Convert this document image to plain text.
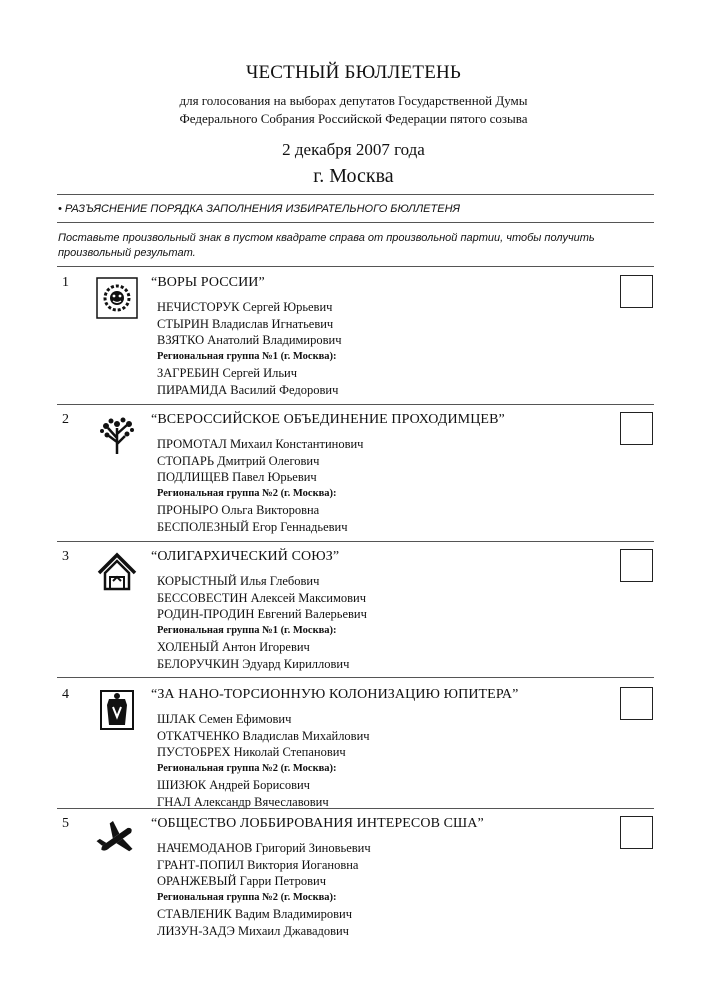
ЧЕСТНЫЙ БЮЛЛЕТЕНЬ
для голосования на выборах депутатов Государственной Думы
Федерального Собрания Российской Федерации пятого созыва
2 декабря 2007 года
г. Москва
• РАЗЪЯСНЕНИЕ ПОРЯДКА ЗАПОЛНЕНИЯ ИЗБИРАТЕЛЬНОГО БЮЛЛЕТЕНЯ
Поставьте произвольный знак в пустом квадрате справа от произвольной партии, чтобы получить произвольный результат.
1	“ВОРЫ РОССИИ”
НЕЧИСТОРУК Сергей Юрьевич
СТЫРИН Владислав Игнатьевич
ВЗЯТКО Анатолий Владимирович
Региональная группа №1 (г. Москва):
ЗАГРЕБИН Сергей Ильич
ПИРАМИДА Василий Федорович
2	“ВСЕРОССИЙСКОЕ ОБЪЕДИНЕНИЕ ПРОХОДИМЦЕВ”
ПРОМОТАЛ Михаил Константинович
СТОПАРЬ Дмитрий Олегович
ПОДЛИЩЕВ Павел Юрьевич
Региональная группа №2 (г. Москва):
ПРОНЫРО Ольга Викторовна
БЕСПОЛЕЗНЫЙ Егор Геннадьевич
3	“ОЛИГАРХИЧЕСКИЙ СОЮЗ”
КОРЫСТНЫЙ Илья Глебович
БЕССОВЕСТИН Алексей Максимович
РОДИН-ПРОДИН Евгений Валерьевич
Региональная группа №1 (г. Москва):
ХОЛЕНЫЙ Антон Игоревич
БЕЛОРУЧКИН Эдуард Кириллович
4	“ЗА НАНО-ТОРСИОННУЮ КОЛОНИЗАЦИЮ ЮПИТЕРА”
ШЛАК Семен Ефимович
ОТКАТЧЕНКО Владислав Михайлович
ПУСТОБРЕХ Николай Степанович
Региональная группа №2 (г. Москва):
ШИЗЮК Андрей Борисович
ГНАЛ Александр Вячеславович
5	“ОБЩЕСТВО ЛОББИРОВАНИЯ ИНТЕРЕСОВ США”
НАЧЕМОДАНОВ Григорий Зиновьевич
ГРАНТ-ПОПИЛ Виктория Иогановна
ОРАНЖЕВЫЙ Гарри Петрович
Региональная группа №2 (г. Москва):
СТАВЛЕНИК Вадим Владимирович
ЛИЗУН-ЗАДЭ Михаил Джавадович
